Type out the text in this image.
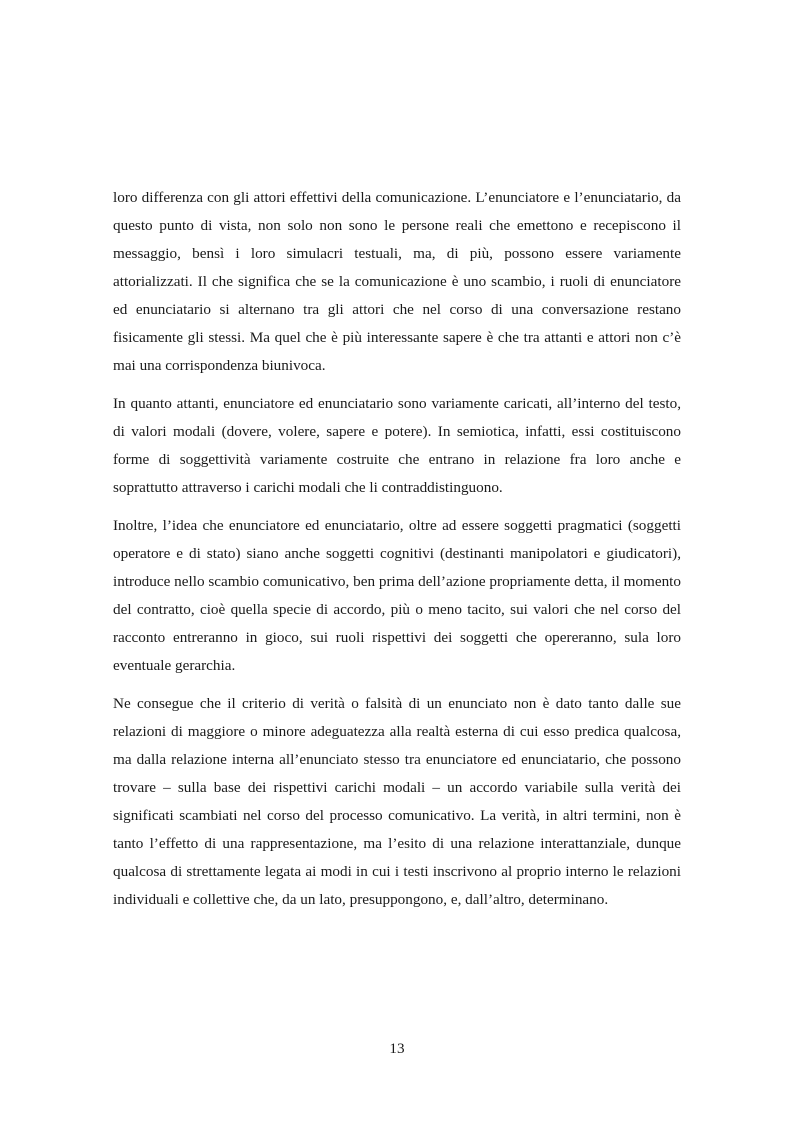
loro differenza con gli attori effettivi della comunicazione. L’enunciatore e l’enunciatario, da questo punto di vista, non solo non sono le persone reali che emettono e recepiscono il messaggio, bensì i loro simulacri testuali, ma, di più, possono essere variamente attorializzati. Il che significa che se la comunicazione è uno scambio, i ruoli di enunciatore ed enunciatario si alternano tra gli attori che nel corso di una conversazione restano fisicamente gli stessi. Ma quel che è più interessante sapere è che tra attanti e attori non c’è mai una corrispondenza biunivoca.

In quanto attanti, enunciatore ed enunciatario sono variamente caricati, all’interno del testo, di valori modali (dovere, volere, sapere e potere). In semiotica, infatti, essi costituiscono forme di soggettività variamente costruite che entrano in relazione fra loro anche e soprattutto attraverso i carichi modali che li contraddistinguono.

Inoltre, l’idea che enunciatore ed enunciatario, oltre ad essere soggetti pragmatici (soggetti operatore e di stato) siano anche soggetti cognitivi (destinanti manipolatori e giudicatori), introduce nello scambio comunicativo, ben prima dell’azione propriamente detta, il momento del contratto, cioè quella specie di accordo, più o meno tacito, sui valori che nel corso del racconto entreranno in gioco, sui ruoli rispettivi dei soggetti che opereranno, sula loro eventuale gerarchia.

Ne consegue che il criterio di verità o falsità di un enunciato non è dato tanto dalle sue relazioni di maggiore o minore adeguatezza alla realtà esterna di cui esso predica qualcosa, ma dalla relazione interna all’enunciato stesso tra enunciatore ed enunciatario, che possono trovare – sulla base dei rispettivi carichi modali – un accordo variabile sulla verità dei significati scambiati nel corso del processo comunicativo. La verità, in altri termini, non è tanto l’effetto di una rappresentazione, ma l’esito di una relazione interattanziale, dunque qualcosa di strettamente legata ai modi in cui i testi inscrivono al proprio interno le relazioni individuali e collettive che, da un lato, presuppongono, e, dall’altro, determinano.

13
